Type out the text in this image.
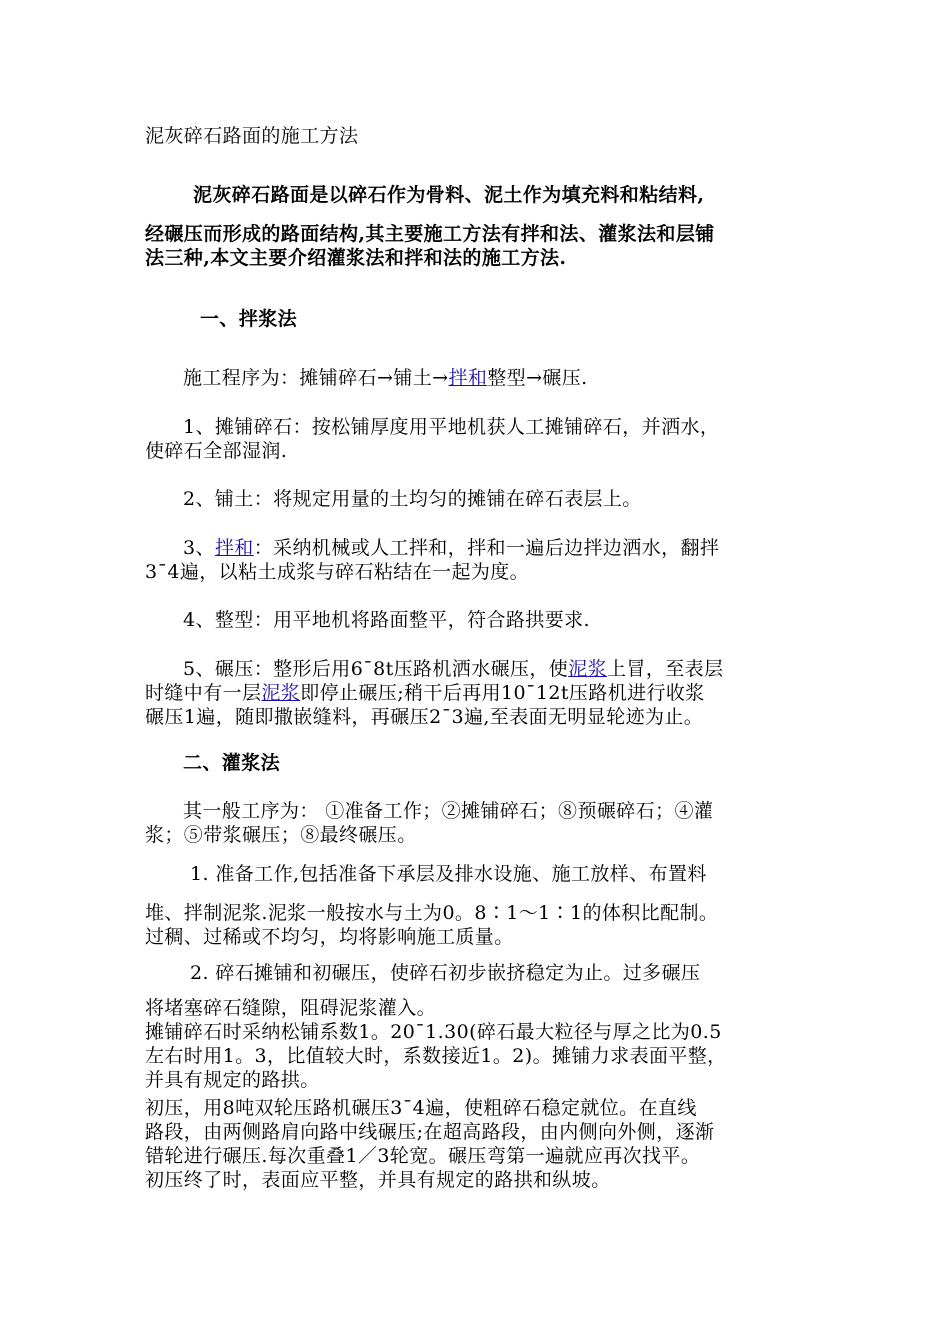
泥灰碎石路面的施工方法
泥灰碎石路面是以碎石作为骨料、泥土作为填充料和粘结料,
经碾压而形成的路面结构,其主要施工方法有拌和法、灌浆法和层铺
法三种,本文主要介绍灌浆法和拌和法的施工方法.
一、拌浆法
施工程序为：摊铺碎石→铺土→拌和整型→碾压.
1、摊铺碎石：按松铺厚度用平地机获人工摊铺碎石，并洒水，
使碎石全部湿润.
2、铺土：将规定用量的土均匀的摊铺在碎石表层上。
3、拌和：采纳机械或人工拌和，拌和一遍后边拌边洒水，翻拌
3¯4遍，以粘土成浆与碎石粘结在一起为度。
4、整型：用平地机将路面整平，符合路拱要求.
5、碾压：整形后用6¯8t压路机洒水碾压，使泥浆上冒，至表层
时缝中有一层泥浆即停止碾压;稍干后再用10¯12t压路机进行收浆
碾压1遍，随即撒嵌缝料，再碾压2¯3遍,至表面无明显轮迹为止。
二、灌浆法
其一般工序为： ①准备工作；②摊铺碎石；⑧预碾碎石；④灌
浆；⑤带浆碾压；⑧最终碾压。
1. 准备工作,包括准备下承层及排水设施、施工放样、布置料
堆、拌制泥浆.泥浆一般按水与土为0。8∶1～1∶1的体积比配制。
过稠、过稀或不均匀，均将影响施工质量。
2. 碎石摊铺和初碾压，使碎石初步嵌挤稳定为止。过多碾压
将堵塞碎石缝隙，阻碍泥浆灌入。
摊铺碎石时采纳松铺系数1。20¯1.30(碎石最大粒径与厚之比为0.5
左右时用1。3，比值较大时，系数接近1。2)。摊铺力求表面平整，
并具有规定的路拱。
初压，用8吨双轮压路机碾压3¯4遍，使粗碎石稳定就位。在直线
路段，由两侧路肩向路中线碾压;在超高路段，由内侧向外侧，逐渐
错轮进行碾压.每次重叠1／3轮宽。碾压弯第一遍就应再次找平。
初压终了时，表面应平整，并具有规定的路拱和纵坡。
